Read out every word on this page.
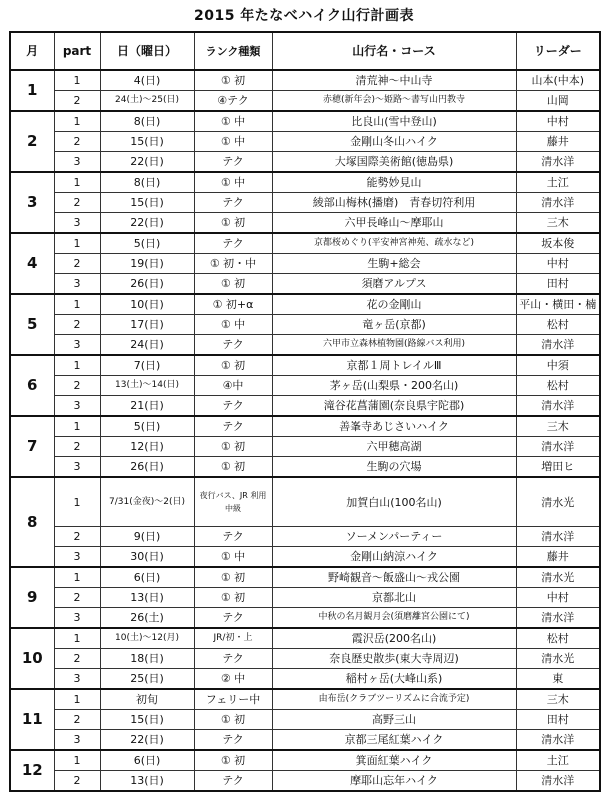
2015 年たなべハイク山行計画表
月	part	日（曜日）	ランク種類	山行名・コース	リーダー
1	1	4(日)	① 初	清荒神～中山寺	山本(中本)
	2	24(土)～25(日)	④テク	赤穂(新年会)～姫路～書写山円教寺	山岡
2	1	8(日)	① 中	比良山(雪中登山)	中村
	2	15(日)	① 中	金剛山冬山ハイク	藤井
	3	22(日)	テク	大塚国際美術館(徳島県)	清水洋
3	1	8(日)	① 中	能勢妙見山	土江
	2	15(日)	テク	綾部山梅林(播磨)　青春切符利用	清水洋
	3	22(日)	① 初	六甲長峰山～摩耶山	三木
4	1	5(日)	テク	京都桜めぐり(平安神宮神苑、疏水など)	坂本俊
	2	19(日)	① 初・中	生駒+総会	中村
	3	26(日)	① 初	須磨アルプス	田村
5	1	10(日)	① 初+α	花の金剛山	平山・横田・楠
	2	17(日)	① 中	竜ヶ岳(京都)	松村
	3	24(日)	テク	六甲市立森林植物園(路線バス利用)	清水洋
6	1	7(日)	① 初	京都１周トレイルⅢ	中須
	2	13(土)～14(日)	④中	茅ヶ岳(山梨県・200名山)	松村
	3	21(日)	テク	滝谷花菖蒲園(奈良県宇陀郡)	清水洋
7	1	5(日)	テク	善峯寺あじさいハイク	三木
	2	12(日)	① 初	六甲穂高湖	清水洋
	3	26(日)	① 初	生駒の穴場	増田ヒ
8	1	7/31(金夜)～2(日)	夜行バス、JR 利用中級	加賀白山(100名山)	清水光
	2	9(日)	テク	ソーメンパーティー	清水洋
	3	30(日)	① 中	金剛山納涼ハイク	藤井
9	1	6(日)	① 初	野崎観音～飯盛山～戎公園	清水光
	2	13(日)	① 初	京都北山	中村
	3	26(土)	テク	中秋の名月観月会(須磨離宮公園にて)	清水洋
10	1	10(土)～12(月)	JR/初・上	霞沢岳(200名山)	松村
	2	18(日)	テク	奈良歴史散歩(東大寺周辺)	清水光
	3	25(日)	② 中	稲村ヶ岳(大峰山系)	東
11	1	初旬	フェリー中	由布岳(クラブツーリズムに合流予定)	三木
	2	15(日)	① 初	高野三山	田村
	3	22(日)	テク	京都三尾紅葉ハイク	清水洋
12	1	6(日)	① 初	箕面紅葉ハイク	土江
	2	13(日)	テク	摩耶山忘年ハイク	清水洋
